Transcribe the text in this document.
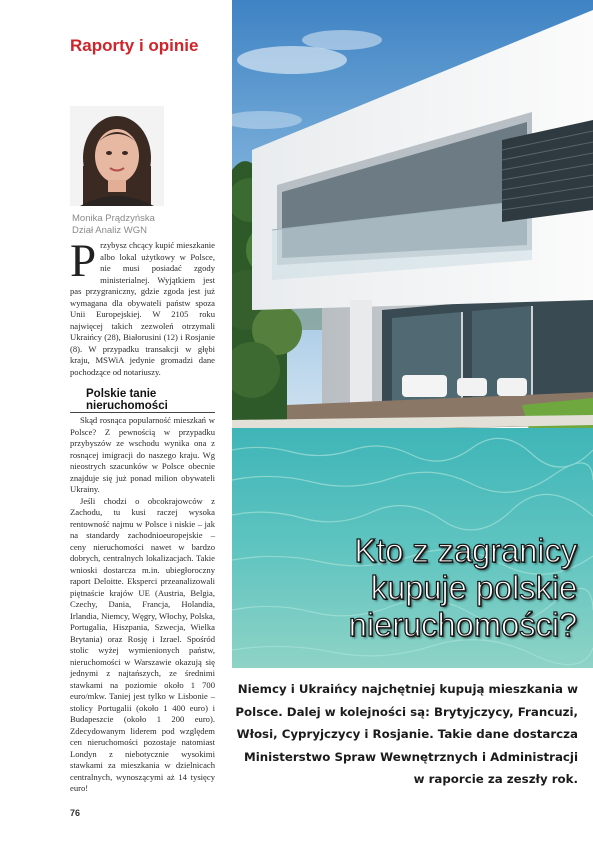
Raporty i opinie
Kto z zagranicy
kupuje polskie
nieruchomości?
Niemcy i Ukraińcy najchętniej kupują mieszkania w Polsce. Dalej w kolejności są: Brytyjczycy, Francuzi, Włosi, Cypryjczycy i Rosjanie. Takie dane dostarcza Ministerstwo Spraw Wewnętrznych i Administracji w raporcie za zeszły rok.
Monika Prądzyńska
Dział Analiz WGN

Przybysz chcący kupić mieszkanie albo lokal użytkowy w Polsce, nie musi posiadać zgody ministerialnej. Wyjątkiem jest pas przygraniczny, gdzie zgoda jest już wymagana dla obywateli państw spoza Unii Europejskiej. W 2105 roku najwięcej takich zezwoleń otrzymali Ukraińcy (28), Białorusini (12) i Rosjanie (8). W przypadku transakcji w głębi kraju, MSWiA jedynie gromadzi dane pochodzące od notariuszy.

Polskie tanie
nieruchomości

Skąd rosnąca popularność mieszkań w Polsce? Z pewnością w przypadku przybyszów ze wschodu wynika ona z rosnącej imigracji do naszego kraju. Wg nieostrych szacunków w Polsce obecnie znajduje się już ponad milion obywateli Ukrainy.

Jeśli chodzi o obcokrajowców z Zachodu, tu kusi raczej wysoka rentowność najmu w Polsce i niskie – jak na standardy zachodnioeuropejskie – ceny nieruchomości nawet w bardzo dobrych, centralnych lokalizacjach. Takie wnioski dostarcza m.in. ubiegłoroczny raport Deloitte. Eksperci przeanalizowali piętnaście krajów UE (Austria, Belgia, Czechy, Dania, Francja, Holandia, Irlandia, Niemcy, Węgry, Włochy, Polska, Portugalia, Hiszpania, Szwecja, Wielka Brytania) oraz Rosję i Izrael. Spośród stolic wyżej wymienionych państw, nieruchomości w Warszawie okazują się jednymi z najtańszych, ze średnimi stawkami na poziomie około 1 700 euro/mkw. Taniej jest tylko w Lisbonie – stolicy Portugalii (około 1 400 euro) i Budapeszcie (około 1 200 euro). Zdecydowanym liderem pod względem cen nieruchomości pozostaje natomiast Londyn z niebotycznie wysokimi stawkami za mieszkania w dzielnicach centralnych, wynoszącymi aż 14 tysięcy euro!

76
